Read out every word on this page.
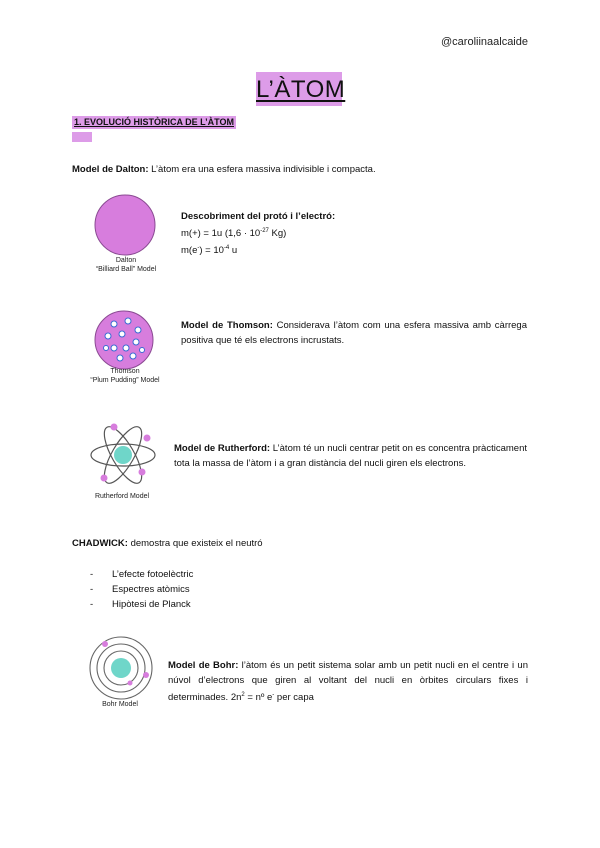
@caroliinaalcaide
L’ÀTOM
1. EVOLUCIÓ HISTÒRICA DE L’ÀTOM
Model de Dalton: L’àtom era una esfera massiva indivisible i compacta.
Dalton
“Billiard Ball” Model
Descobriment del protó i l’electró:
m(+) = 1u ($1,6 \cdot 10^{-27}$ Kg)
$m(e^-) = 10^{-4}$ u
Thomson
“Plum Pudding” Model
Model de Thomson: Considerava l’àtom com una esfera massiva amb càrrega positiva que té els electrons incrustats.
Rutherford Model
Model de Rutherford: L’àtom té un nucli centrar petit on es concentra pràcticament tota la massa de l’àtom i a gran distància del nucli giren els electrons.
CHADWICK: demostra que existeix el neutró
- L’efecte fotoelèctric
- Espectres atòmics
- Hipòtesi de Planck
Bohr Model
Model de Bohr: l’àtom és un petit sistema solar amb un petit nucli en el centre i un núvol d’electrons que giren al voltant del nucli en òrbites circulars fixes i determinades. $2n^2$ = nº e- per capa
